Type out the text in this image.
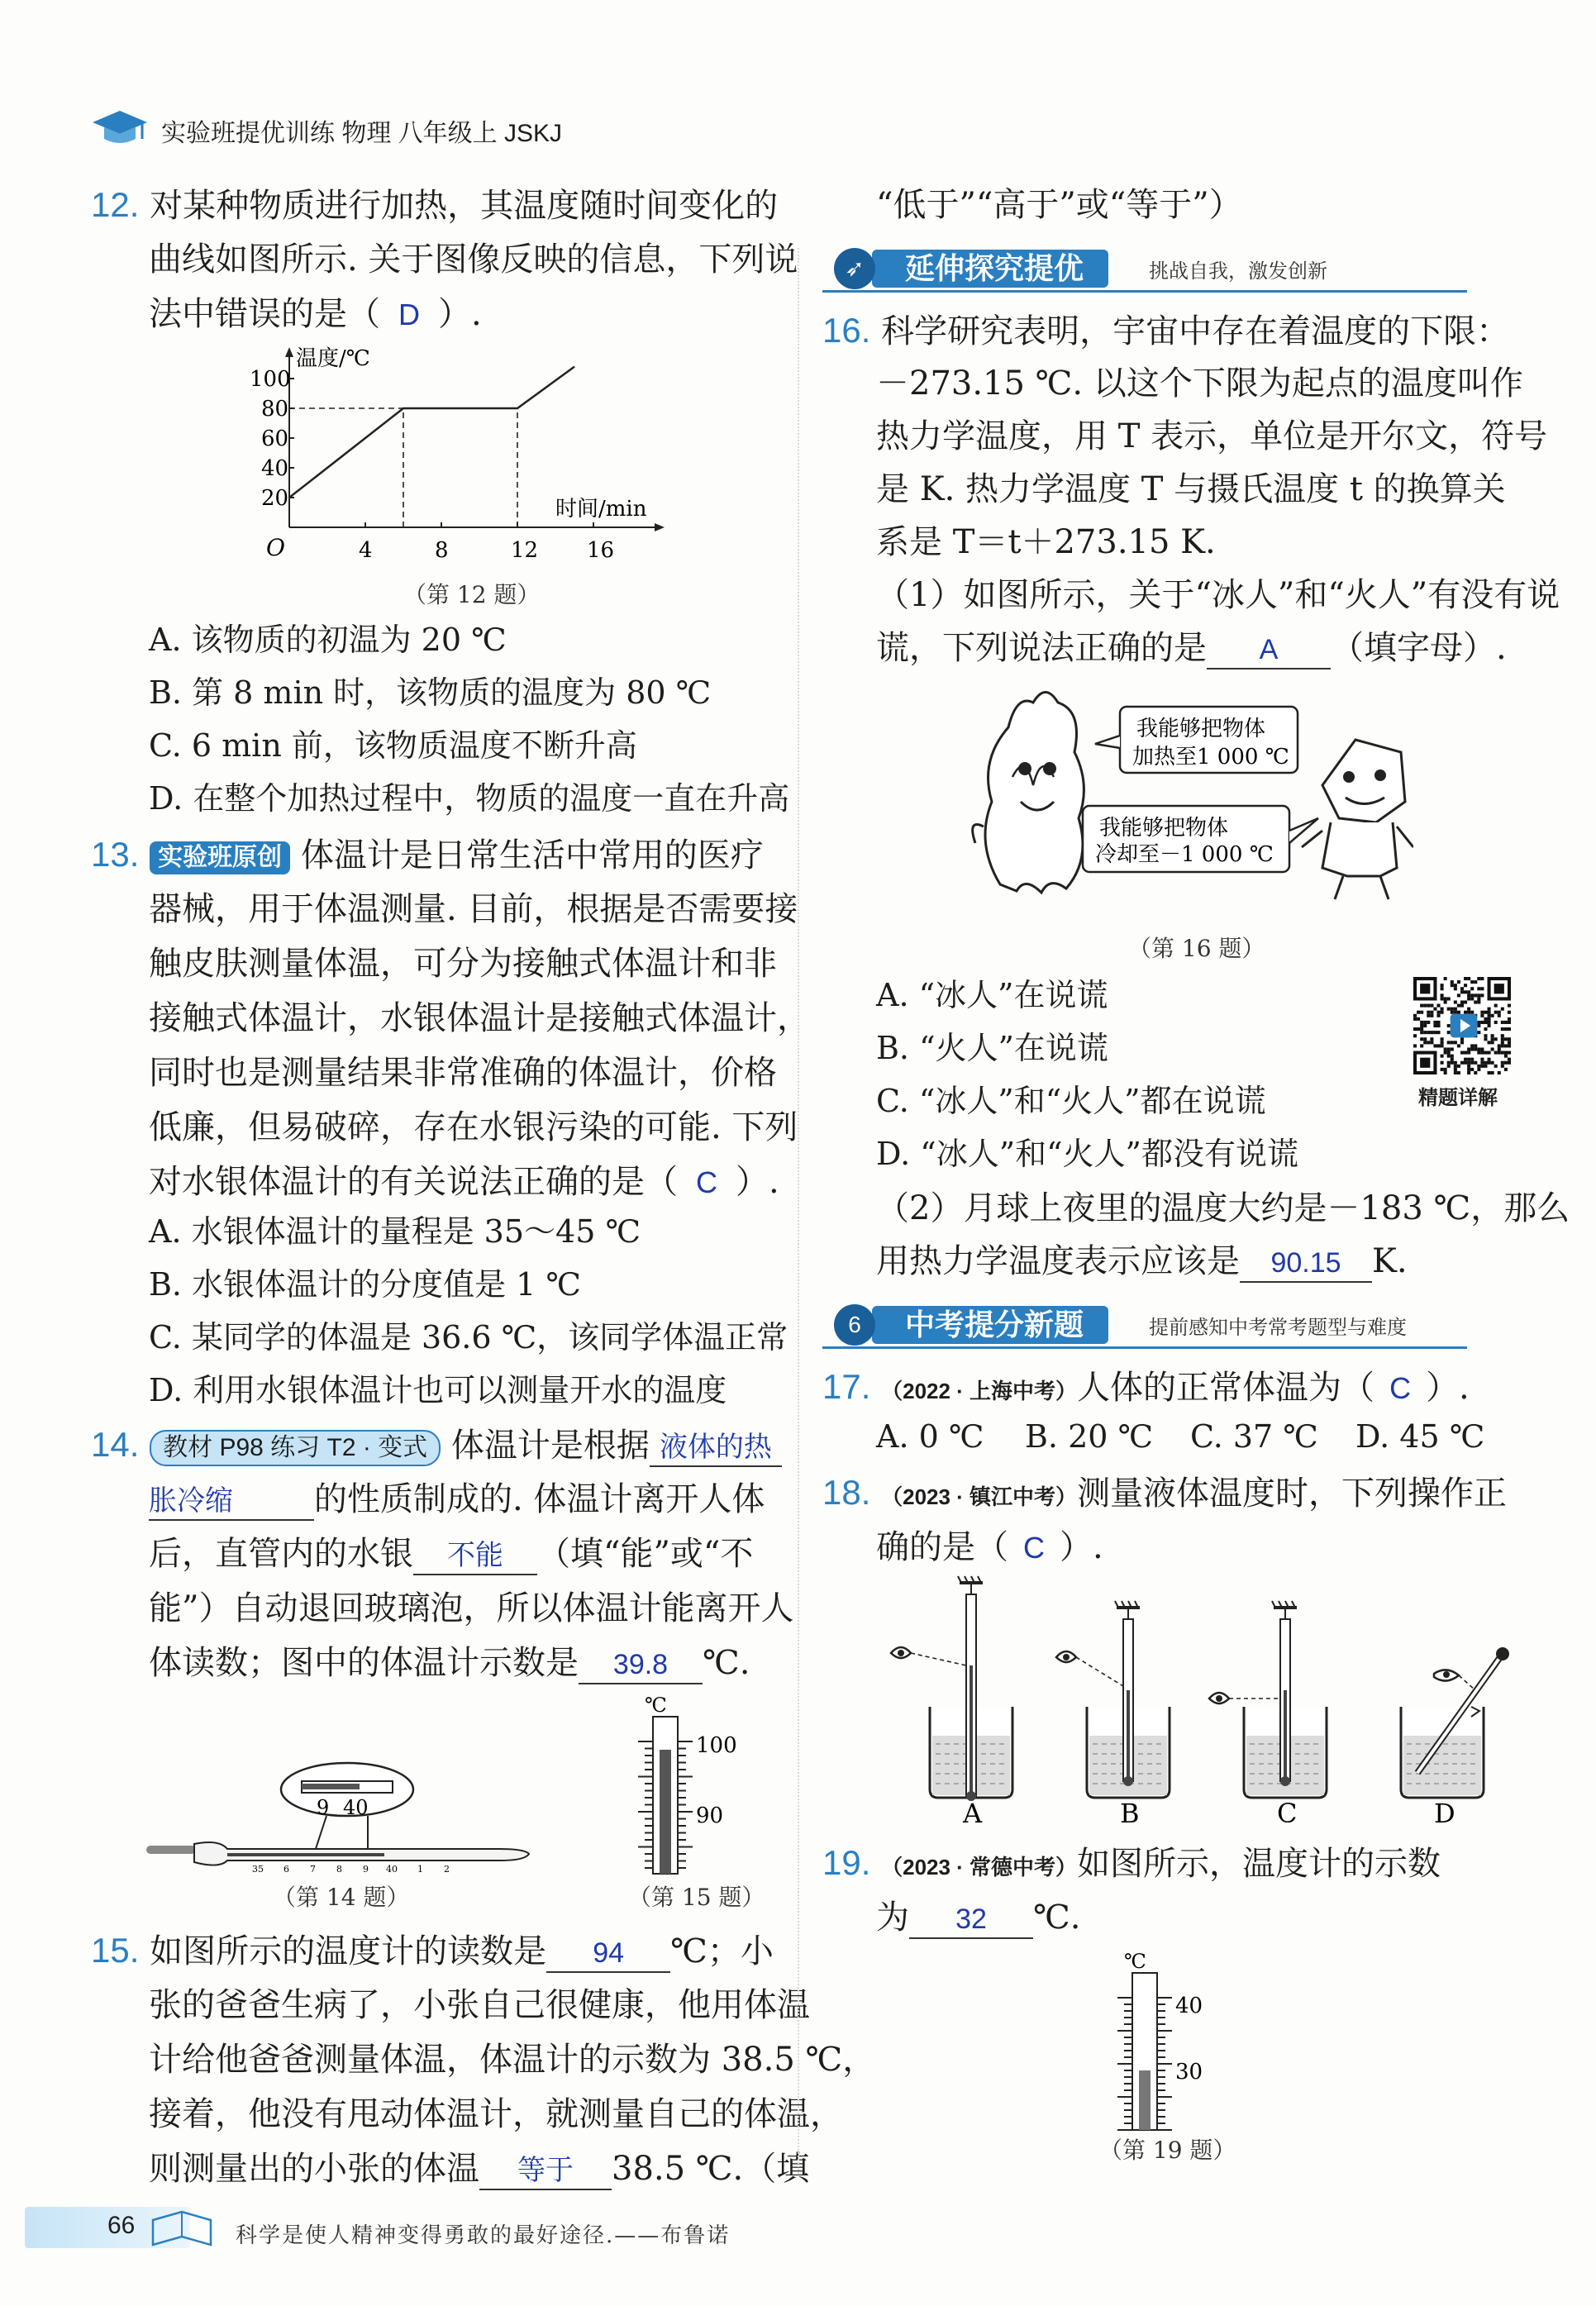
实验班提优训练 物理 八年级上 JSKJ
12. 对某种物质进行加热，其温度随时间变化的
曲线如图所示. 关于图像反映的信息，下列说
法中错误的是（ D ）.
4	8	12 16
20
40
60
80
100
O
温度/℃
时间/min
（第 12 题）
A. 该物质的初温为 20 ℃
B. 第 8 min 时，该物质的温度为 80 ℃
C. 6 min 前，该物质温度不断升高
D. 在整个加热过程中，物质的温度一直在升高
13. 实验班原创 体温计是日常生活中常用的医疗
器械，用于体温测量. 目前，根据是否需要接
触皮肤测量体温，可分为接触式体温计和非
接触式体温计，水银体温计是接触式体温计，
同时也是测量结果非常准确的体温计，价格
低廉，但易破碎，存在水银污染的可能. 下列
对水银体温计的有关说法正确的是（ C ）.
A. 水银体温计的量程是 35～45 ℃
B. 水银体温计的分度值是 1 ℃
C. 某同学的体温是 36.6 ℃，该同学体温正常
D. 利用水银体温计也可以测量开水的温度
14. 教材 P98 练习 T2 · 变式 体温计是根据 液体的热
胀冷缩 的性质制成的. 体温计离开人体
后，直管内的水银 不能 （填“能”或“不
能”）自动退回玻璃泡，所以体温计能离开人
体读数；图中的体温计示数是 39.8 ℃.
9 40
35 6 7 8 9 40 1 2
（第 14 题）
℃
100
90
（第 15 题）
15. 如图所示的温度计的读数是 94 ℃；小
张的爸爸生病了，小张自己很健康，他用体温
计给他爸爸测量体温，体温计的示数为 38.5 ℃，
接着，他没有甩动体温计，就测量自己的体温，
则测量出的小张的体温 等于 38.5 ℃.（填
66	科学是使人精神变得勇敢的最好途径.——布鲁诺
“低于”“高于”或“等于”）
延伸探究提优
➶	挑战自我，激发创新
16. 科学研究表明，宇宙中存在着温度的下限：
－273.15 ℃. 以这个下限为起点的温度叫作
热力学温度，用 T 表示，单位是开尔文，符号
是 K. 热力学温度 T 与摄氏温度 t 的换算关
系是 T＝t＋273.15 K.
（1）如图所示，关于“冰人”和“火人”有没有说
谎，下列说法正确的是 A （填字母）.
我能够把物体
加热至1 000 ℃
我能够把物体
冷却至－1 000 ℃
（第 16 题）
A. “冰人”在说谎
B. “火人”在说谎
C. “冰人”和“火人”都在说谎
D. “冰人”和“火人”都没有说谎
精题详解
（2）月球上夜里的温度大约是－183 ℃，那么
用热力学温度表示应该是 90.15 K.
中考提分新题
6	提前感知中考常考题型与难度
17. （2022 · 上海中考）人体的正常体温为（ C ）.
A. 0 ℃ B. 20 ℃ C. 37 ℃ D. 45 ℃
18. （2023 · 镇江中考）测量液体温度时，下列操作正
确的是（ C ）.
A	B	C	D
19. （2023 · 常德中考）如图所示，温度计的示数
为 32 ℃.
℃
40
30
（第 19 题）
